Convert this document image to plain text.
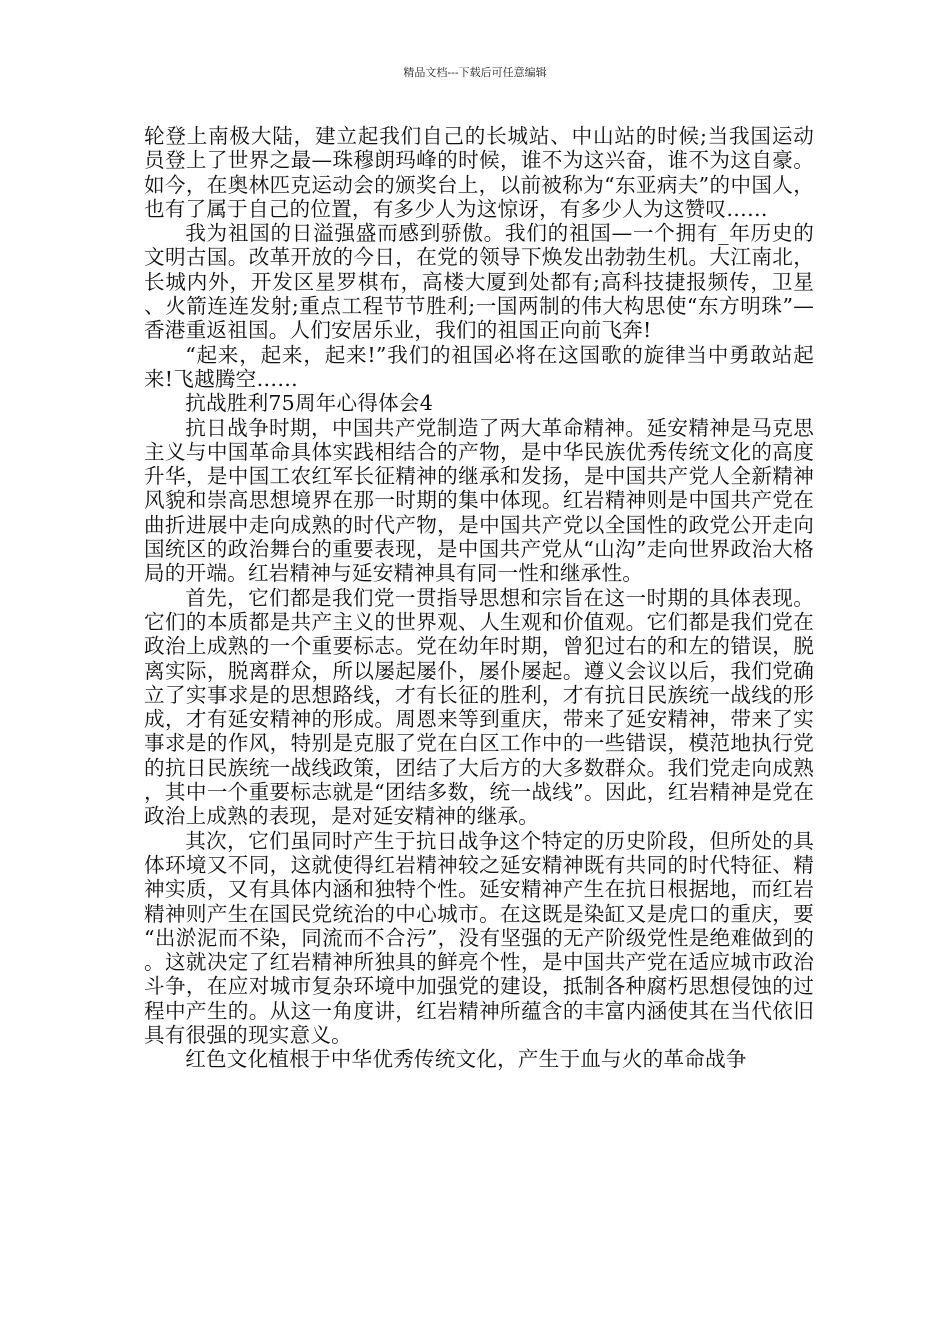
精品文档---下载后可任意编辑

轮登上南极大陆，建立起我们自己的长城站、中山站的时候;当我国运动员登上了世界之最—珠穆朗玛峰的时候，谁不为这兴奋，谁不为这自豪。如今，在奥林匹克运动会的颁奖台上，以前被称为“东亚病夫”的中国人，也有了属于自己的位置，有多少人为这惊讶，有多少人为这赞叹……

我为祖国的日溢强盛而感到骄傲。我们的祖国—一个拥有_年历史的文明古国。改革开放的今日，在党的领导下焕发出勃勃生机。大江南北，长城内外，开发区星罗棋布，高楼大厦到处都有;高科技捷报频传，卫星、火箭连连发射;重点工程节节胜利;一国两制的伟大构思使“东方明珠”—香港重返祖国。人们安居乐业，我们的祖国正向前飞奔!

“起来，起来，起来!”我们的祖国必将在这国歌的旋律当中勇敢站起来!飞越腾空……

抗战胜利75周年心得体会4

抗日战争时期，中国共产党制造了两大革命精神。延安精神是马克思主义与中国革命具体实践相结合的产物，是中华民族优秀传统文化的高度升华，是中国工农红军长征精神的继承和发扬，是中国共产党人全新精神风貌和崇高思想境界在那一时期的集中体现。红岩精神则是中国共产党在曲折进展中走向成熟的时代产物，是中国共产党以全国性的政党公开走向国统区的政治舞台的重要表现，是中国共产党从“山沟”走向世界政治大格局的开端。红岩精神与延安精神具有同一性和继承性。

首先，它们都是我们党一贯指导思想和宗旨在这一时期的具体表现。它们的本质都是共产主义的世界观、人生观和价值观。它们都是我们党在政治上成熟的一个重要标志。党在幼年时期，曾犯过右的和左的错误，脱离实际，脱离群众，所以屡起屡仆，屡仆屡起。遵义会议以后，我们党确立了实事求是的思想路线，才有长征的胜利，才有抗日民族统一战线的形成，才有延安精神的形成。周恩来等到重庆，带来了延安精神，带来了实事求是的作风，特别是克服了党在白区工作中的一些错误，模范地执行党的抗日民族统一战线政策，团结了大后方的大多数群众。我们党走向成熟，其中一个重要标志就是“团结多数，统一战线”。因此，红岩精神是党在政治上成熟的表现，是对延安精神的继承。

其次，它们虽同时产生于抗日战争这个特定的历史阶段，但所处的具体环境又不同，这就使得红岩精神较之延安精神既有共同的时代特征、精神实质，又有具体内涵和独特个性。延安精神产生在抗日根据地，而红岩精神则产生在国民党统治的中心城市。在这既是染缸又是虎口的重庆，要“出淤泥而不染，同流而不合污”，没有坚强的无产阶级党性是绝难做到的。这就决定了红岩精神所独具的鲜亮个性，是中国共产党在适应城市政治斗争，在应对城市复杂环境中加强党的建设，抵制各种腐朽思想侵蚀的过程中产生的。从这一角度讲，红岩精神所蕴含的丰富内涵使其在当代依旧具有很强的现实意义。

红色文化植根于中华优秀传统文化，产生于血与火的革命战争
